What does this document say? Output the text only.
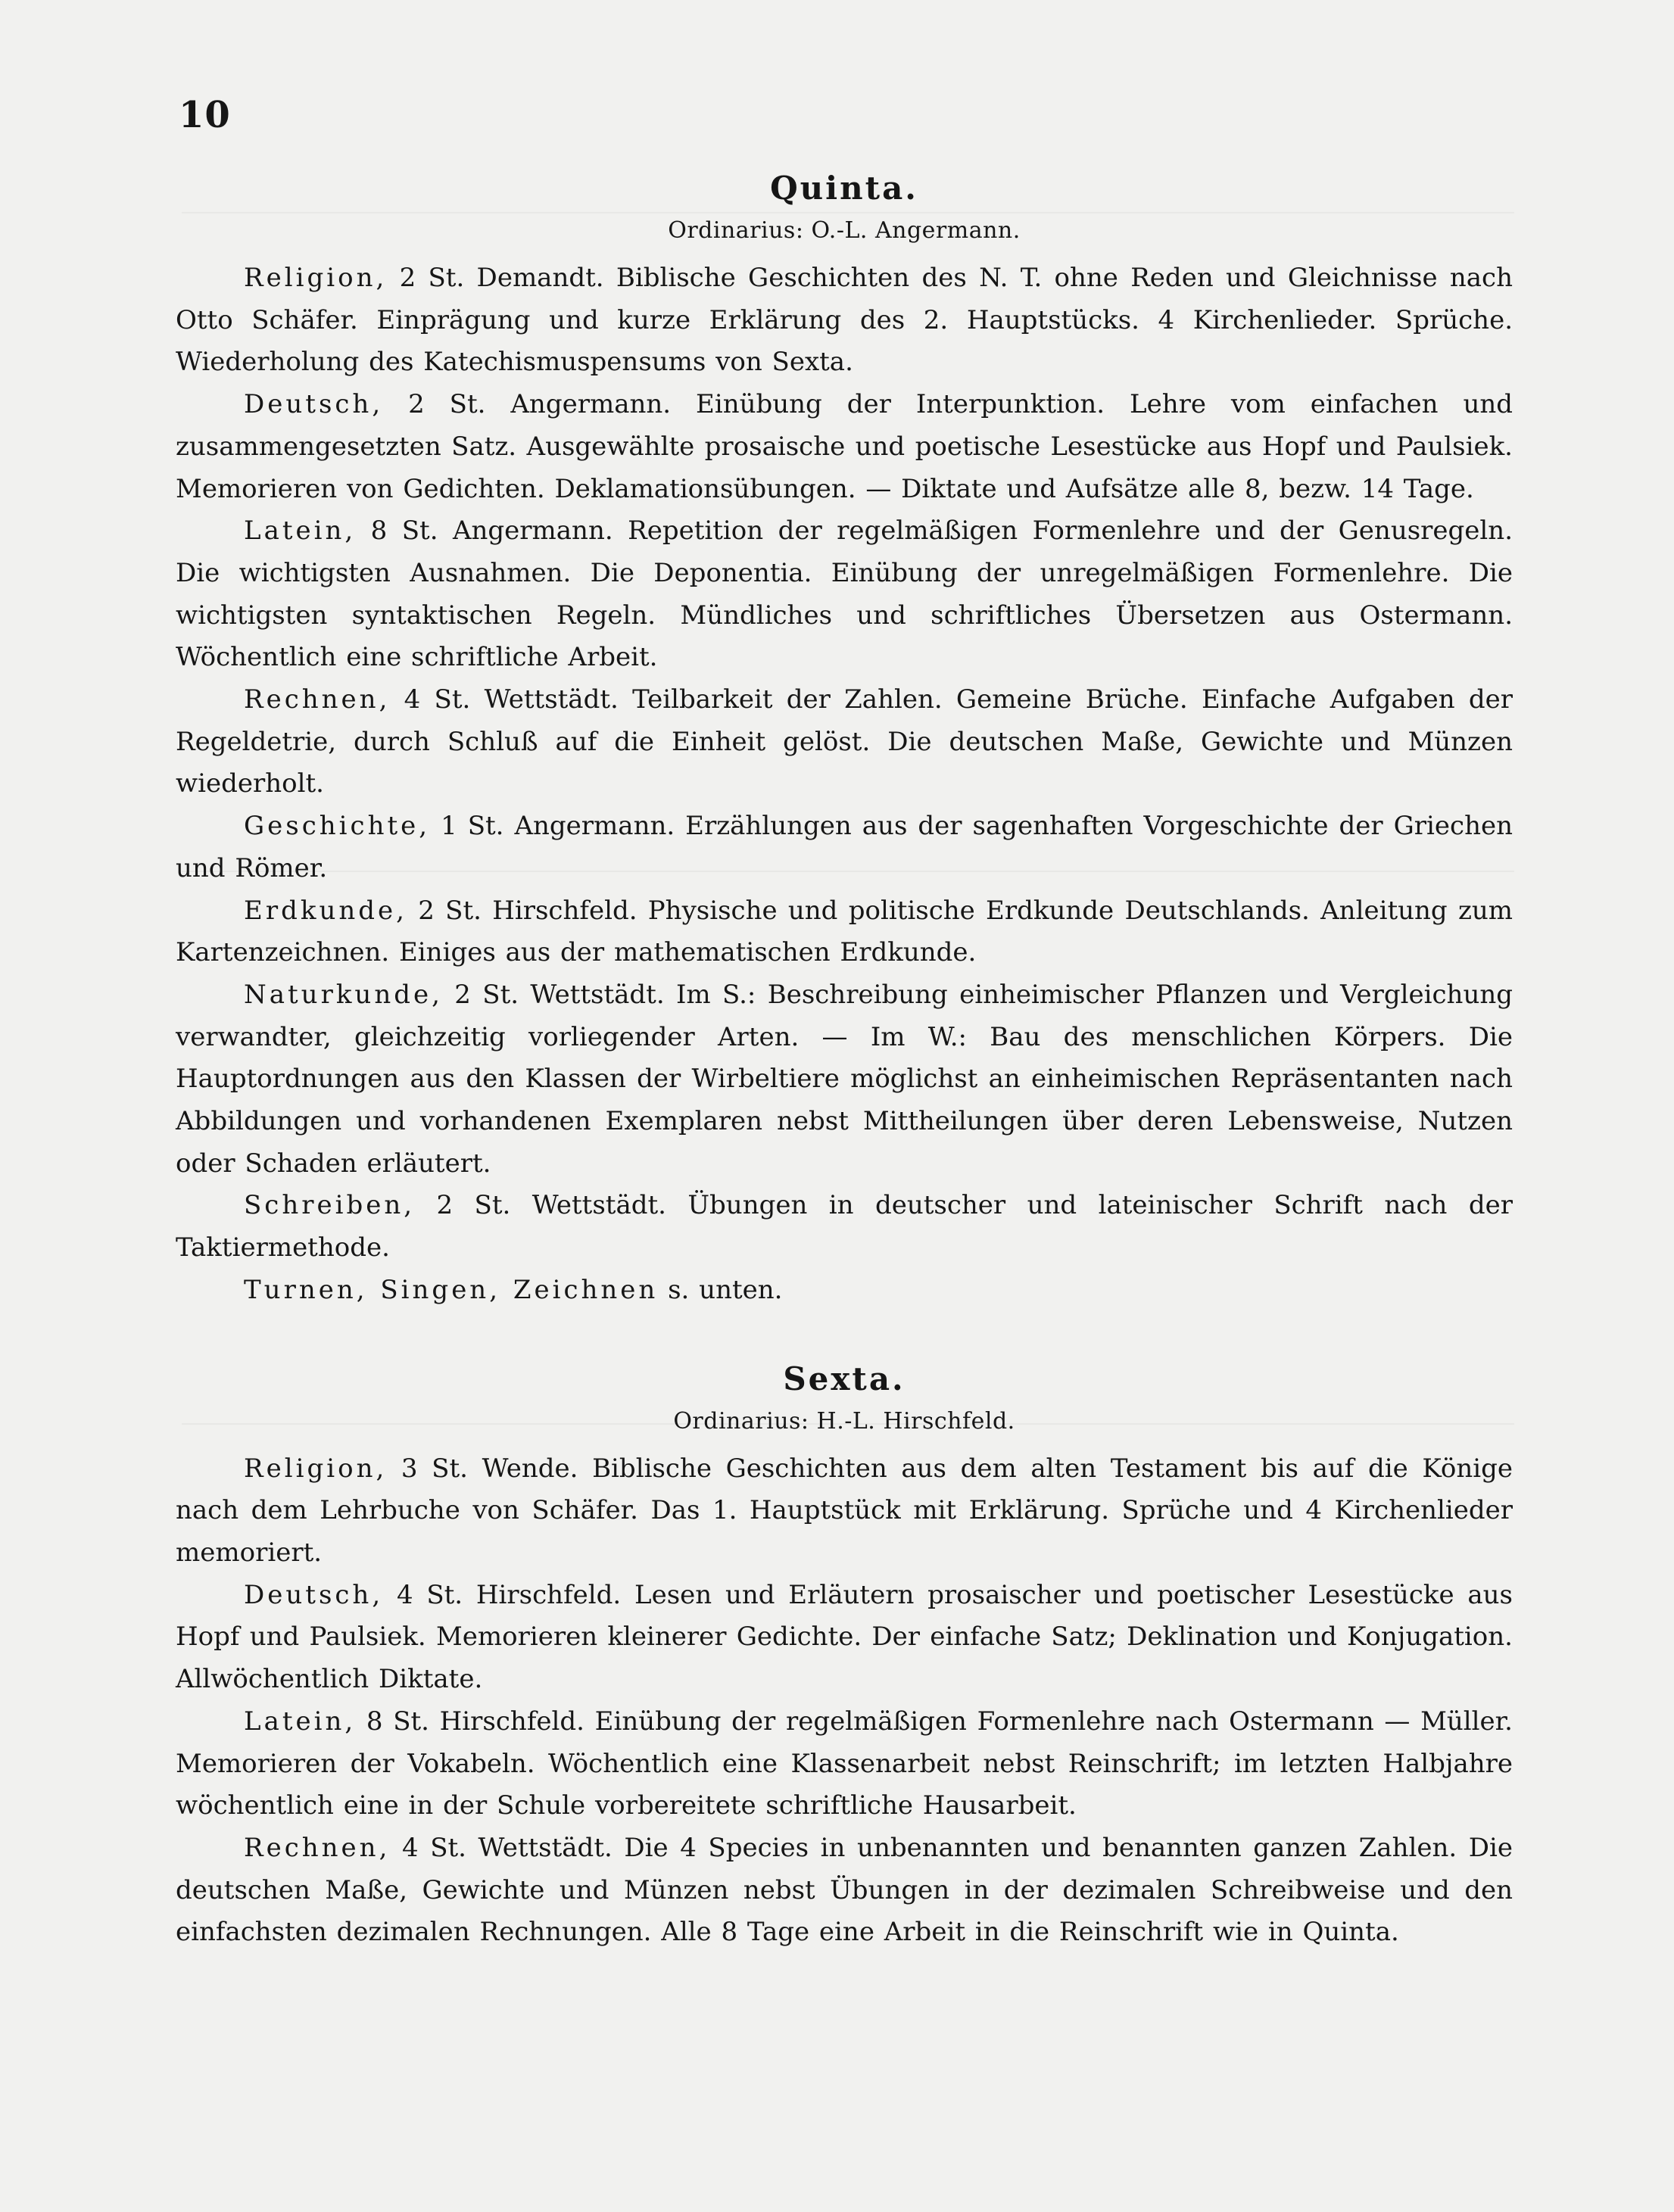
10
Quinta.

Ordinarius: O.-L. Angermann.

Religion, 2 St. Demandt. Biblische Geschichten des N. T. ohne Reden und Gleichnisse nach Otto Schäfer. Einprägung und kurze Erklärung des 2. Hauptstücks. 4 Kirchenlieder. Sprüche. Wiederholung des Katechismuspensums von Sexta.

Deutsch, 2 St. Angermann. Einübung der Interpunktion. Lehre vom einfachen und zusammengesetzten Satz. Ausgewählte prosaische und poetische Lesestücke aus Hopf und Paulsiek. Memorieren von Gedichten. Deklamationsübungen. — Diktate und Aufsätze alle 8, bezw. 14 Tage.

Latein, 8 St. Angermann. Repetition der regelmäßigen Formenlehre und der Genusregeln. Die wichtigsten Ausnahmen. Die Deponentia. Einübung der unregelmäßigen Formenlehre. Die wichtigsten syntaktischen Regeln. Mündliches und schriftliches Übersetzen aus Ostermann. Wöchentlich eine schriftliche Arbeit.

Rechnen, 4 St. Wettstädt. Teilbarkeit der Zahlen. Gemeine Brüche. Einfache Aufgaben der Regeldetrie, durch Schluß auf die Einheit gelöst. Die deutschen Maße, Gewichte und Münzen wiederholt.

Geschichte, 1 St. Angermann. Erzählungen aus der sagenhaften Vorgeschichte der Griechen und Römer.

Erdkunde, 2 St. Hirschfeld. Physische und politische Erdkunde Deutschlands. Anleitung zum Kartenzeichnen. Einiges aus der mathematischen Erdkunde.

Naturkunde, 2 St. Wettstädt. Im S.: Beschreibung einheimischer Pflanzen und Vergleichung verwandter, gleichzeitig vorliegender Arten. — Im W.: Bau des menschlichen Körpers. Die Hauptordnungen aus den Klassen der Wirbeltiere möglichst an einheimischen Repräsentanten nach Abbildungen und vorhandenen Exemplaren nebst Mittheilungen über deren Lebensweise, Nutzen oder Schaden erläutert.

Schreiben, 2 St. Wettstädt. Übungen in deutscher und lateinischer Schrift nach der Taktiermethode.

Turnen, Singen, Zeichnen s. unten.

Sexta.

Ordinarius: H.-L. Hirschfeld.

Religion, 3 St. Wende. Biblische Geschichten aus dem alten Testament bis auf die Könige nach dem Lehrbuche von Schäfer. Das 1. Hauptstück mit Erklärung. Sprüche und 4 Kirchenlieder memoriert.

Deutsch, 4 St. Hirschfeld. Lesen und Erläutern prosaischer und poetischer Lesestücke aus Hopf und Paulsiek. Memorieren kleinerer Gedichte. Der einfache Satz; Deklination und Konjugation. Allwöchentlich Diktate.

Latein, 8 St. Hirschfeld. Einübung der regelmäßigen Formenlehre nach Ostermann — Müller. Memorieren der Vokabeln. Wöchentlich eine Klassenarbeit nebst Reinschrift; im letzten Halbjahre wöchentlich eine in der Schule vorbereitete schriftliche Hausarbeit.

Rechnen, 4 St. Wettstädt. Die 4 Species in unbenannten und benannten ganzen Zahlen. Die deutschen Maße, Gewichte und Münzen nebst Übungen in der dezimalen Schreibweise und den einfachsten dezimalen Rechnungen. Alle 8 Tage eine Arbeit in die Reinschrift wie in Quinta.
